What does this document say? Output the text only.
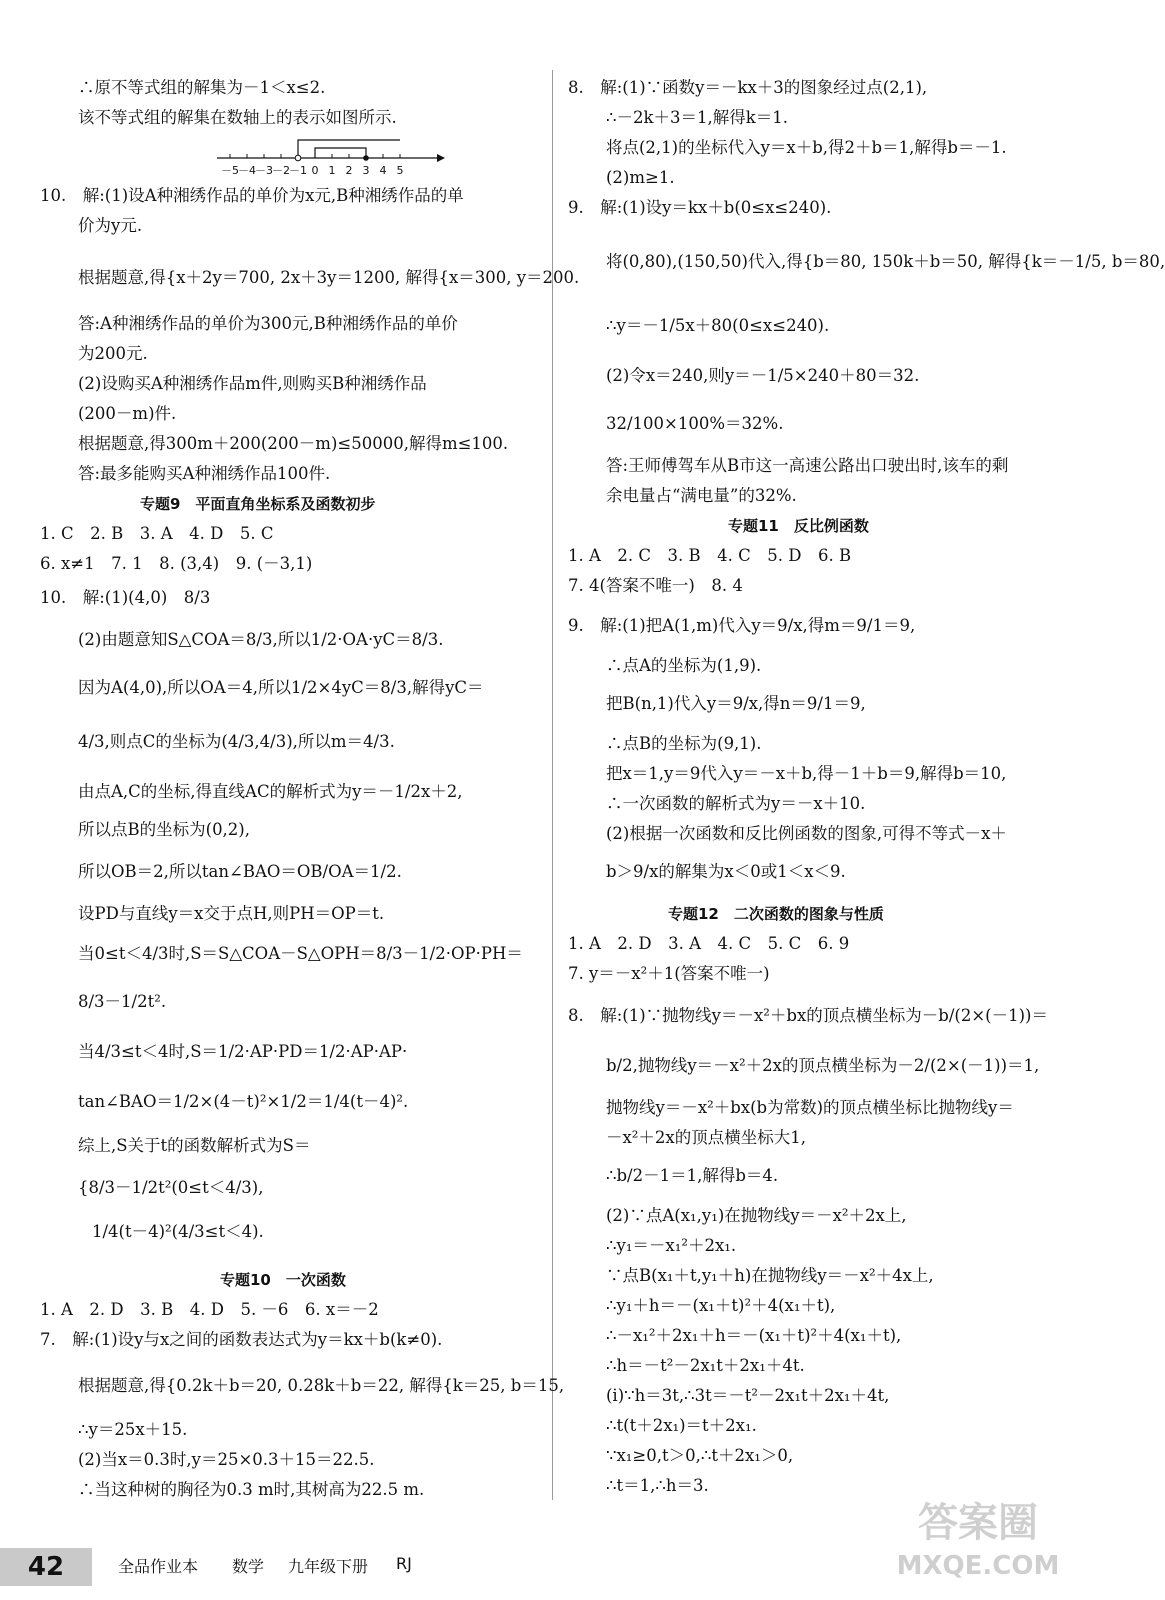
∴原不等式组的解集为－1＜x≤2.
该不等式组的解集在数轴上的表示如图所示.
－5 －4 －3 －2 －1 0 1 2 3 4 5
10.　解:(1)设A种湘绣作品的单价为x元,B种湘绣作品的单
价为y元.
根据题意,得{x＋2y＝700, 2x＋3y＝1200, 解得{x＝300, y＝200.
答:A种湘绣作品的单价为300元,B种湘绣作品的单价
为200元.
(2)设购买A种湘绣作品m件,则购买B种湘绣作品
(200－m)件.
根据题意,得300m＋200(200－m)≤50000,解得m≤100.
答:最多能购买A种湘绣作品100件.
专题9　平面直角坐标系及函数初步
1. C　2. B　3. A　4. D　5. C
6. x≠1　7. 1　8. (3,4)　9. (－3,1)
10.　解:(1)(4,0)　8/3
(2)由题意知S△COA＝8/3,所以1/2·OA·yC＝8/3.
因为A(4,0),所以OA＝4,所以1/2×4yC＝8/3,解得yC＝
4/3,则点C的坐标为(4/3,4/3),所以m＝4/3.
由点A,C的坐标,得直线AC的解析式为y＝－1/2x＋2,
所以点B的坐标为(0,2),
所以OB＝2,所以tan∠BAO＝OB/OA＝1/2.
设PD与直线y＝x交于点H,则PH＝OP＝t.
当0≤t＜4/3时,S＝S△COA－S△OPH＝8/3－1/2·OP·PH＝
8/3－1/2t².
当4/3≤t＜4时,S＝1/2·AP·PD＝1/2·AP·AP·
tan∠BAO＝1/2×(4－t)²×1/2＝1/4(t－4)².
综上,S关于t的函数解析式为S＝
{8/3－1/2t²(0≤t＜4/3),
1/4(t－4)²(4/3≤t＜4).
专题10　一次函数
1. A　2. D　3. B　4. D　5. －6　6. x＝－2
7.　解:(1)设y与x之间的函数表达式为y＝kx＋b(k≠0).
根据题意,得{0.2k＋b＝20, 0.28k＋b＝22, 解得{k＝25, b＝15,
∴y＝25x＋15.
(2)当x＝0.3时,y＝25×0.3＋15＝22.5.
∴当这种树的胸径为0.3 m时,其树高为22.5 m.
8.　解:(1)∵函数y＝－kx＋3的图象经过点(2,1),
∴－2k＋3＝1,解得k＝1.
将点(2,1)的坐标代入y＝x＋b,得2＋b＝1,解得b＝－1.
(2)m≥1.
9.　解:(1)设y＝kx＋b(0≤x≤240).
将(0,80),(150,50)代入,得{b＝80, 150k＋b＝50, 解得{k＝－1/5, b＝80,
∴y＝－1/5x＋80(0≤x≤240).
(2)令x＝240,则y＝－1/5×240＋80＝32.
32/100×100%＝32%.
答:王师傅驾车从B市这一高速公路出口驶出时,该车的剩
余电量占“满电量”的32%.
专题11　反比例函数
1. A　2. C　3. B　4. C　5. D　6. B
7. 4(答案不唯一)　8. 4
9.　解:(1)把A(1,m)代入y＝9/x,得m＝9/1＝9,
∴点A的坐标为(1,9).
把B(n,1)代入y＝9/x,得n＝9/1＝9,
∴点B的坐标为(9,1).
把x＝1,y＝9代入y＝－x＋b,得－1＋b＝9,解得b＝10,
∴一次函数的解析式为y＝－x＋10.
(2)根据一次函数和反比例函数的图象,可得不等式－x＋
b＞9/x的解集为x＜0或1＜x＜9.
专题12　二次函数的图象与性质
1. A　2. D　3. A　4. C　5. C　6. 9
7. y＝－x²＋1(答案不唯一)
8.　解:(1)∵抛物线y＝－x²＋bx的顶点横坐标为－b/(2×(－1))＝
b/2,抛物线y＝－x²＋2x的顶点横坐标为－2/(2×(－1))＝1,
抛物线y＝－x²＋bx(b为常数)的顶点横坐标比抛物线y＝
－x²＋2x的顶点横坐标大1,
∴b/2－1＝1,解得b＝4.
(2)∵点A(x₁,y₁)在抛物线y＝－x²＋2x上,
∴y₁＝－x₁²＋2x₁.
∵点B(x₁＋t,y₁＋h)在抛物线y＝－x²＋4x上,
∴y₁＋h＝－(x₁＋t)²＋4(x₁＋t),
∴－x₁²＋2x₁＋h＝－(x₁＋t)²＋4(x₁＋t),
∴h＝－t²－2x₁t＋2x₁＋4t.
(i)∵h＝3t,∴3t＝－t²－2x₁t＋2x₁＋4t,
∴t(t＋2x₁)＝t＋2x₁.
∵x₁≥0,t＞0,∴t＋2x₁＞0,
∴t＝1,∴h＝3.
42	全品作业本 数学 九年级下册 RJ
答案圈
MXQE.COM
